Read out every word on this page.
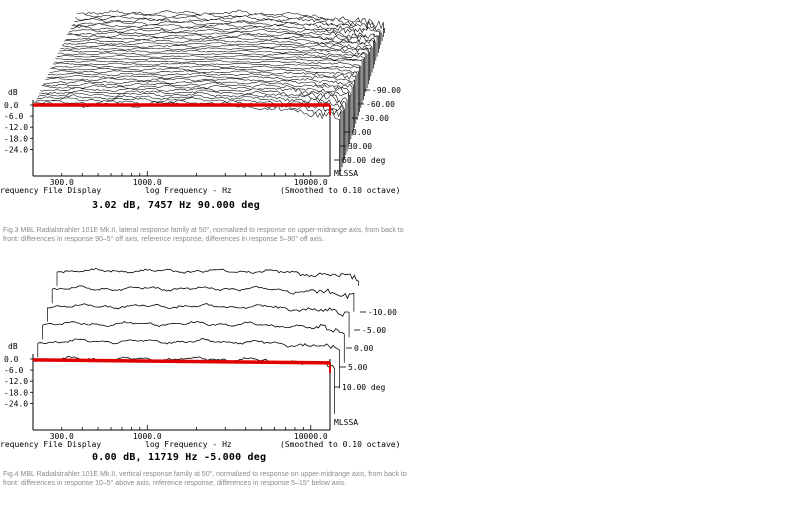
dB
0.0
-6.0
-12.0
-18.0
-24.0
300.0	1000.0	10000.0
requency File Display	log Frequency - Hz	(Smoothed to 0.10 octave)
-90.00
-60.00
-30.00
0.00
30.00
60.00 deg
MLSSA
3.02 dB, 7457 Hz 90.000 deg
Fig.3 MBL Radialstrahler 101E Mk.II, lateral response family at 50", normalized to response on upper-midrange axis, from back to front: differences in response 90–5° off axis, reference response, differences in response 5–90° off axis.
dB
0.0
-6.0
-12.0
-18.0
-24.0
300.0	1000.0	10000.0
requency File Display	log Frequency - Hz	(Smoothed to 0.10 octave)
-10.00
-5.00
0.00
5.00
10.00 deg
MLSSA
0.00 dB, 11719 Hz -5.000 deg
Fig.4 MBL Radialstrahler 101E Mk.II, vertical response family at 50", normalized to response on upper-midrange axis, from back to front: differences in response 10–5° above axis, reference response, differences in response 5–15° below axis.
